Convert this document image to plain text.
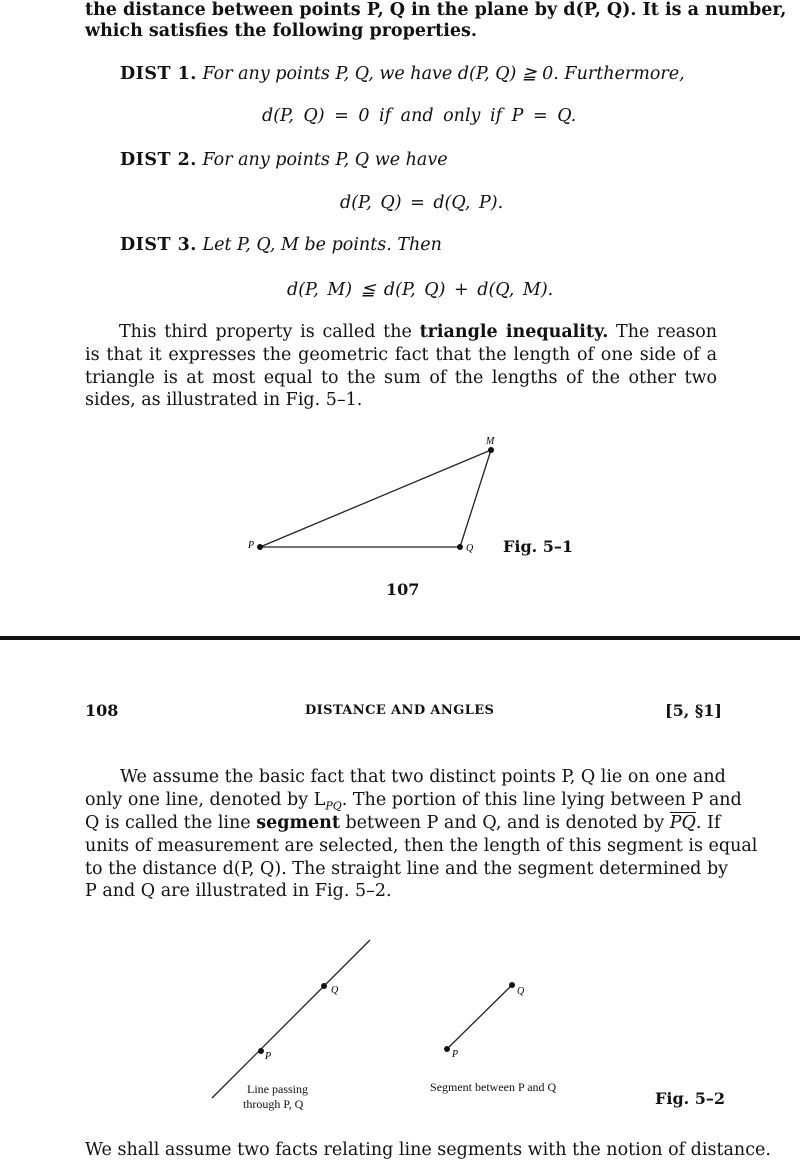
the distance between points P, Q in the plane by d(P, Q). It is a number,
which satisfies the following properties.
DIST 1. For any points P, Q, we have d(P, Q) ≧ 0. Furthermore,
d(P, Q) = 0 if and only if P = Q.
DIST 2. For any points P, Q we have
d(P, Q) = d(Q, P).
DIST 3. Let P, Q, M be points. Then
d(P, M) ≦ d(P, Q) + d(Q, M).
This third property is called the triangle inequality. The reason is that it expresses the geometric fact that the length of one side of a triangle is at most equal to the sum of the lengths of the other two sides, as illustrated in Fig. 5–1.
P	Q
M
Fig. 5–1
107
108	DISTANCE AND ANGLES	[5, §1]
We assume the basic fact that two distinct points P, Q lie on one and
only one line, denoted by $L_{PQ}$. The portion of this line lying between P and
Q is called the line segment between P and Q, and is denoted by $\overline{PQ}$. If
units of measurement are selected, then the length of this segment is equal
to the distance d(P, Q). The straight line and the segment determined by
P and Q are illustrated in Fig. 5–2.
Q
P
Line passing
through P, Q
Q
P
Segment between P and Q
Fig. 5–2
We shall assume two facts relating line segments with the notion of distance.
